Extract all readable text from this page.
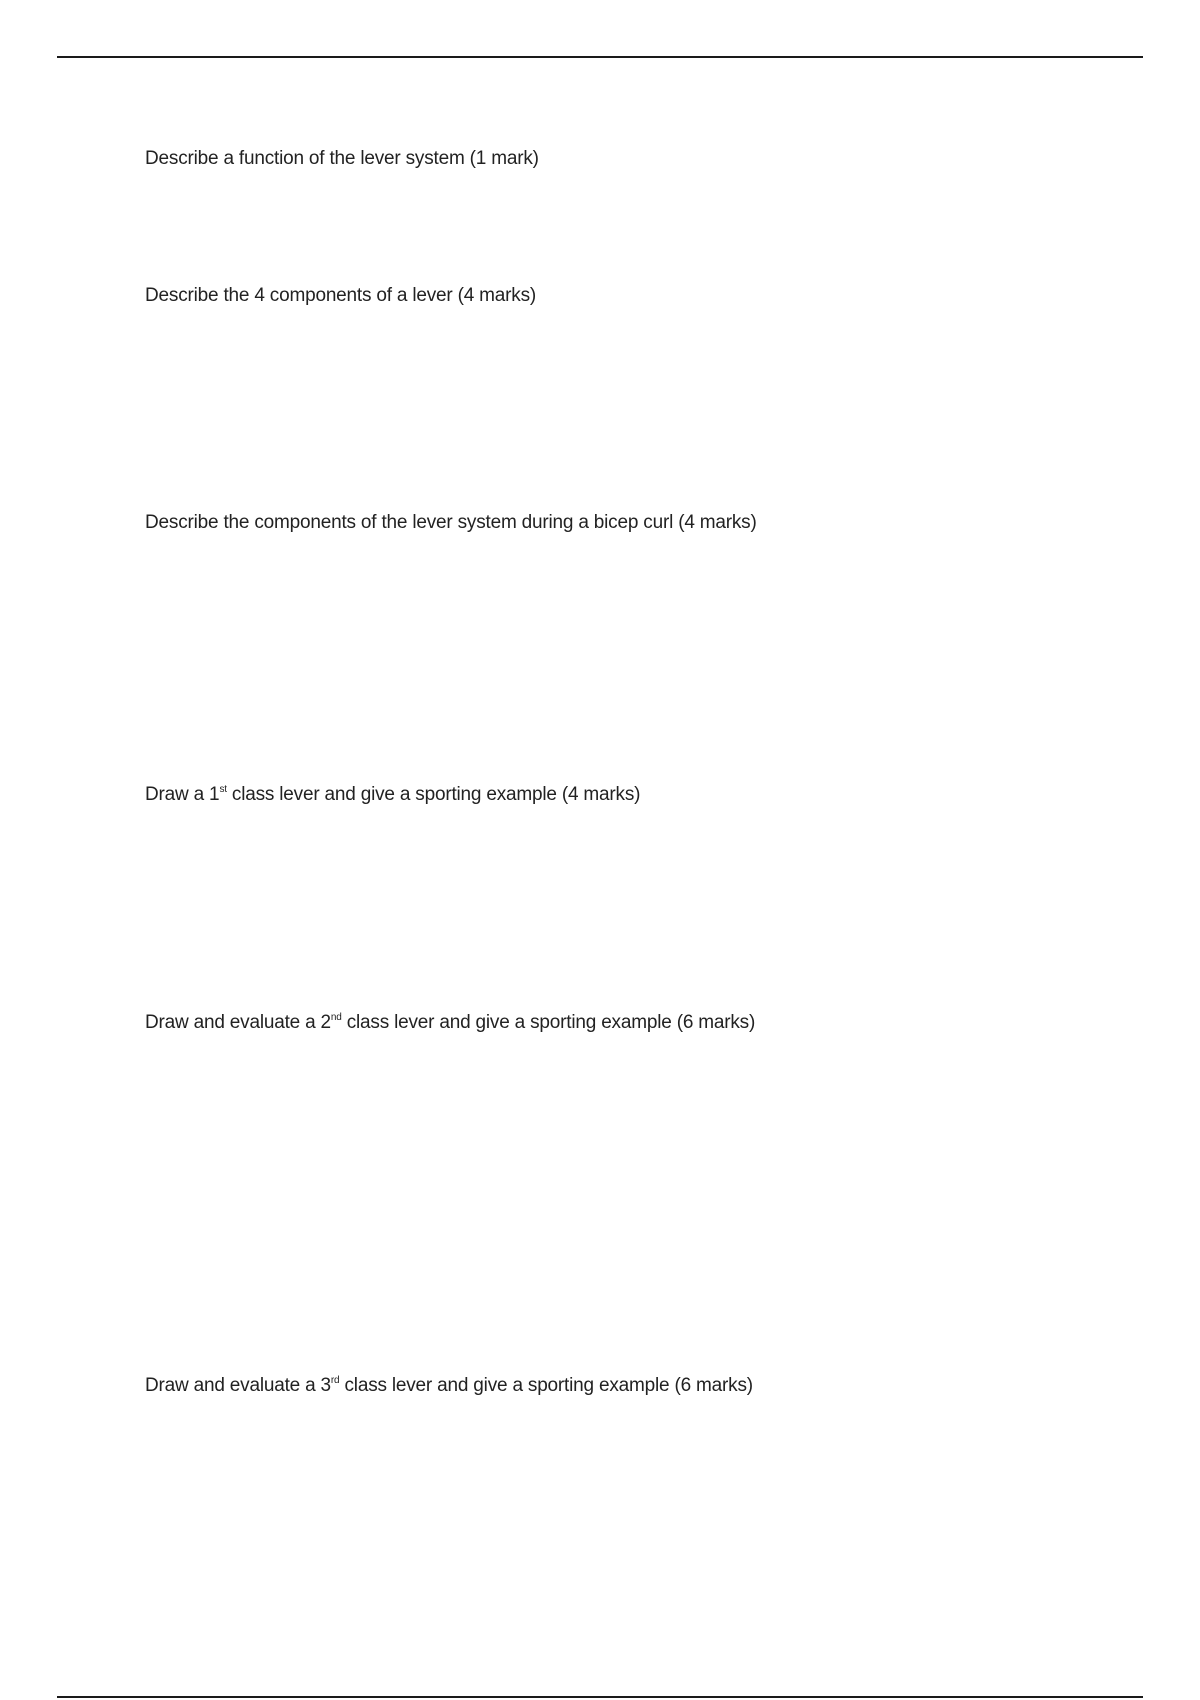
Describe a function of the lever system (1 mark)
Describe the 4 components of a lever (4 marks)
Describe the components of the lever system during a bicep curl (4 marks)
Draw a 1st class lever and give a sporting example (4 marks)
Draw and evaluate a 2nd class lever and give a sporting example (6 marks)
Draw and evaluate a 3rd class lever and give a sporting example (6 marks)
